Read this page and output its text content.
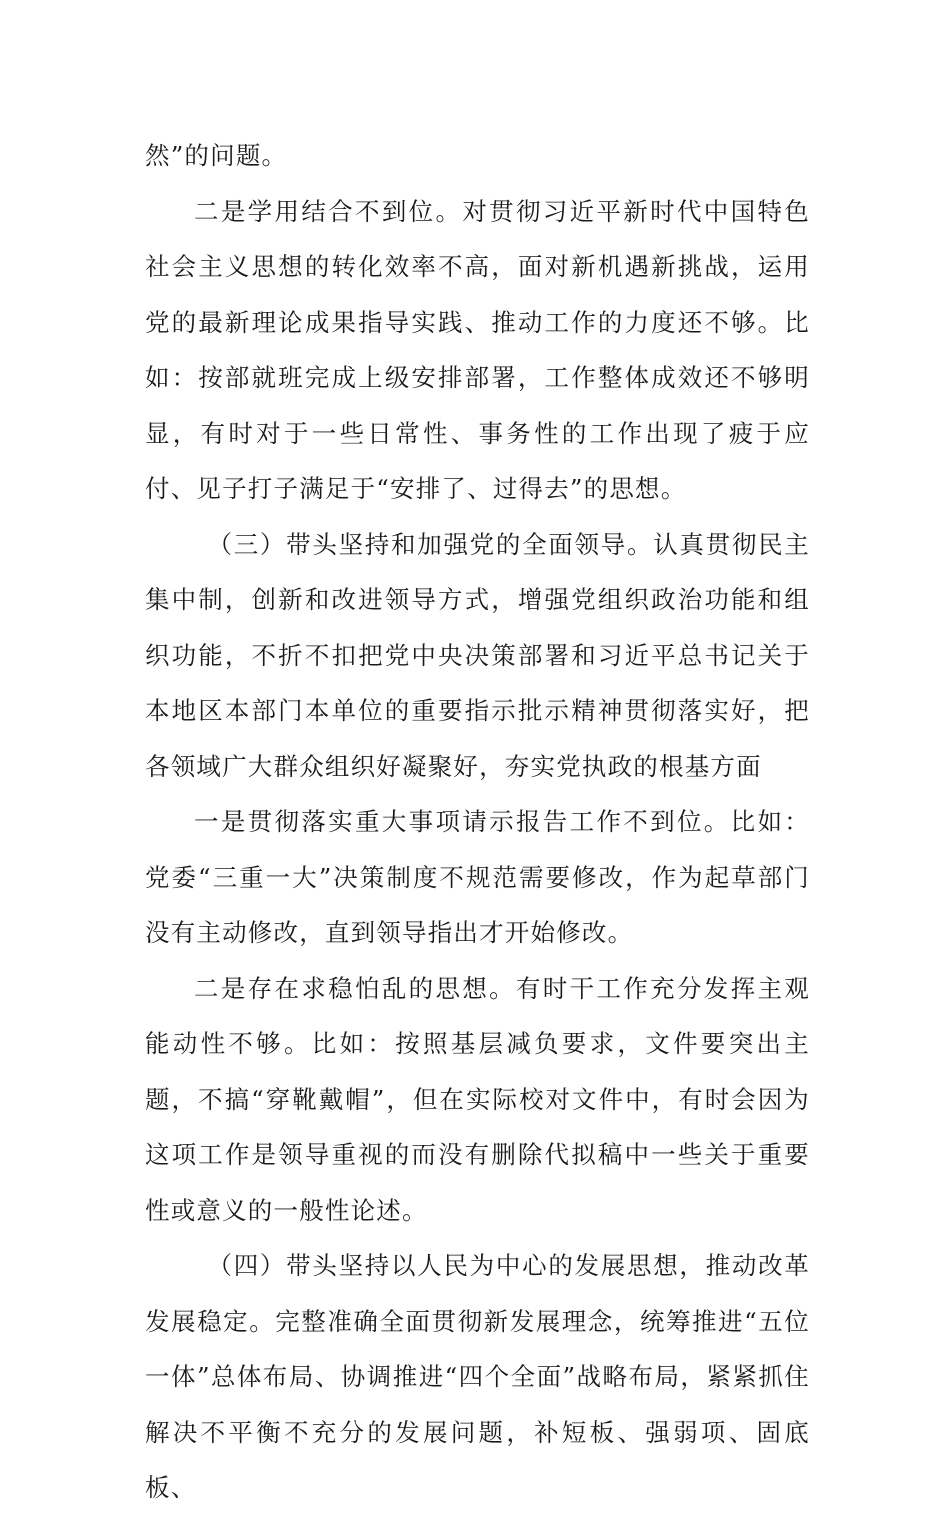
然”的问题。

二是学用结合不到位。对贯彻习近平新时代中国特色社会主义思想的转化效率不高，面对新机遇新挑战，运用党的最新理论成果指导实践、推动工作的力度还不够。比如：按部就班完成上级安排部署，工作整体成效还不够明显，有时对于一些日常性、事务性的工作出现了疲于应付、见子打子满足于“安排了、过得去”的思想。

（三）带头坚持和加强党的全面领导。认真贯彻民主集中制，创新和改进领导方式，增强党组织政治功能和组织功能，不折不扣把党中央决策部署和习近平总书记关于本地区本部门本单位的重要指示批示精神贯彻落实好，把各领域广大群众组织好凝聚好，夯实党执政的根基方面

一是贯彻落实重大事项请示报告工作不到位。比如：党委“三重一大”决策制度不规范需要修改，作为起草部门没有主动修改，直到领导指出才开始修改。

二是存在求稳怕乱的思想。有时干工作充分发挥主观能动性不够。比如：按照基层减负要求，文件要突出主题，不搞“穿靴戴帽”，但在实际校对文件中，有时会因为这项工作是领导重视的而没有删除代拟稿中一些关于重要性或意义的一般性论述。

（四）带头坚持以人民为中心的发展思想，推动改革发展稳定。完整准确全面贯彻新发展理念，统筹推进“五位一体”总体布局、协调推进“四个全面”战略布局，紧紧抓住解决不平衡不充分的发展问题，补短板、强弱项、固底板、
